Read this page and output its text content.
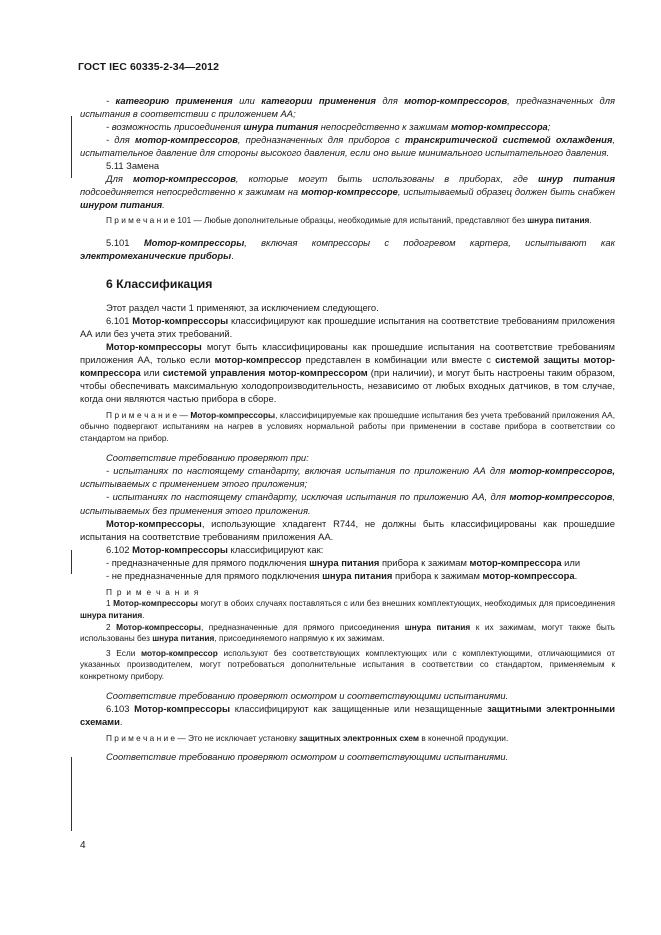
ГОСТ IEC 60335-2-34—2012

- категорию применения или категории применения для мотор-компрессоров, предназначенных для испытания в соответствии с приложением АА;

- возможность присоединения шнура питания непосредственно к зажимам мотор-компрессора;

- для мотор-компрессоров, предназначенных для приборов с транскритической системой охлаждения, испытательное давление для стороны высокого давления, если оно выше минимального испытательного давления.

5.11 Замена

Для мотор-компрессоров, которые могут быть использованы в приборах, где шнур питания подсоединяется непосредственно к зажимам на мотор-компрессоре, испытываемый образец должен быть снабжен шнуром питания.

П р и м е ч а н и е 101 — Любые дополнительные образцы, необходимые для испытаний, представляют без шнура питания.

5.101 Мотор-компрессоры, включая компрессоры с подогревом картера, испытывают как электромеханические приборы.

6 Классификация

Этот раздел части 1 применяют, за исключением следующего.

6.101 Мотор-компрессоры классифицируют как прошедшие испытания на соответствие требованиям приложения АА или без учета этих требований.

Мотор-компрессоры могут быть классифицированы как прошедшие испытания на соответствие требованиям приложения АА, только если мотор-компрессор представлен в комбинации или вместе с системой защиты мотор-компрессора или системой управления мотор-компрессором (при наличии), и могут быть настроены таким образом, чтобы обеспечивать максимальную холодопроизводительность, независимо от любых входных датчиков, в том случае, когда они являются частью прибора в сборе.

П р и м е ч а н и е — Мотор-компрессоры, классифицируемые как прошедшие испытания без учета требований приложения АА, обычно подвергают испытаниям на нагрев в условиях нормальной работы при применении в составе прибора в соответствии со стандартом на прибор.

Соответствие требованию проверяют при:

- испытаниях по настоящему стандарту, включая испытания по приложению АА для мотор-компрессоров, испытываемых с применением этого приложения;

- испытаниях по настоящему стандарту, исключая испытания по приложению АА, для мотор-компрессоров, испытываемых без применения этого приложения.

Мотор-компрессоры, использующие хладагент R744, не должны быть классифицированы как прошедшие испытания на соответствие требованиям приложения АА.

6.102 Мотор-компрессоры классифицируют как:

- предназначенные для прямого подключения шнура питания прибора к зажимам мотор-компрессора или

- не предназначенные для прямого подключения шнура питания прибора к зажимам мотор-компрессора.

П р и м е ч а н и я

1 Мотор-компрессоры могут в обоих случаях поставляться с или без внешних комплектующих, необходимых для присоединения шнура питания.

2 Мотор-компрессоры, предназначенные для прямого присоединения шнура питания к их зажимам, могут также быть использованы без шнура питания, присоединяемого напрямую к их зажимам.

3 Если мотор-компрессор используют без соответствующих комплектующих или с комплектующими, отличающимися от указанных производителем, могут потребоваться дополнительные испытания в соответствии со стандартом, применяемым к конкретному прибору.

Соответствие требованию проверяют осмотром и соответствующими испытаниями.

6.103 Мотор-компрессоры классифицируют как защищенные или незащищенные защитными электронными схемами.

П р и м е ч а н и е — Это не исключает установку защитных электронных схем в конечной продукции.

Соответствие требованию проверяют осмотром и соответствующими испытаниями.

4
